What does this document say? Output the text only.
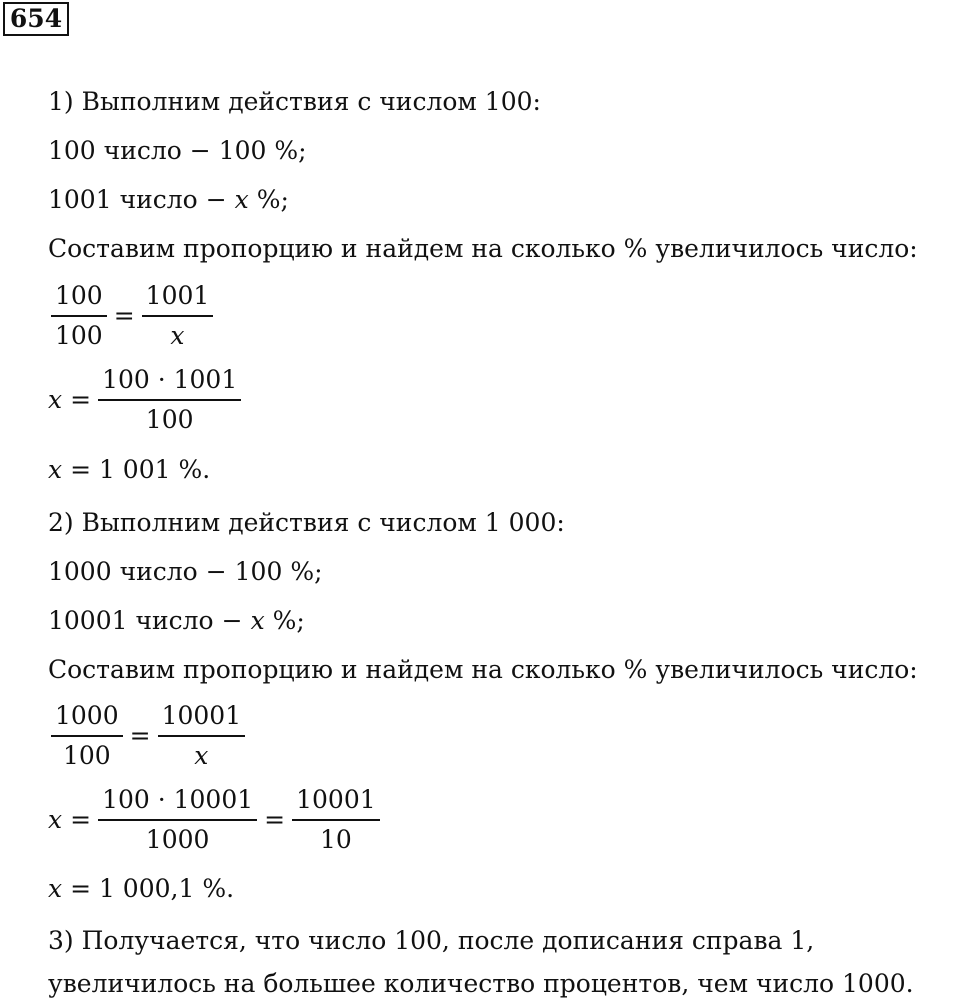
654
1) Выполним действия с числом 100:
100 число − 100 %;
1001 число − x %;
Составим пропорцию и найдем на сколько % увеличилось число:
$\frac{100}{100} = \frac{1001}{x}$
$x = \frac{100 \cdot 1001}{100}$
x = 1 001 %.
2) Выполним действия с числом 1 000:
1000 число − 100 %;
10001 число − x %;
Составим пропорцию и найдем на сколько % увеличилось число:
$\frac{1000}{100} = \frac{10001}{x}$
$x = \frac{100 \cdot 10001}{1000} = \frac{10001}{10}$
x = 1 000,1 %.
3) Получается, что число 100, после дописания справа 1,
увеличилось на большее количество процентов, чем число 1000.
